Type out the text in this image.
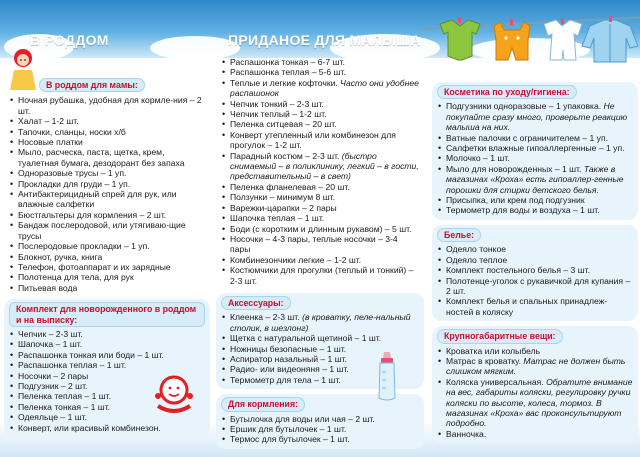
В РОДДОМ	ПРИДАНОЕ ДЛЯ МАЛЫША
В роддом для мамы:
• Ночная рубашка, удобная для кормле-ния – 2 шт.
• Халат – 1-2 шт.
• Тапочки, сланцы, носки х/б
• Носовые платки
• Мыло, расческа, паста, щетка, крем, туалетная бумага, дезодорант без запаха
• Одноразовые трусы – 1 уп.
• Прокладки для груди – 1 уп.
• Антибактерицидный спрей для рук, или влажные салфетки
• Бюстгальтеры для кормления – 2 шт.
• Бандаж послеродовой, или утягиваю-щие трусы
• Послеродовые прокладки – 1 уп.
• Блокнот, ручка, книга
• Телефон, фотоаппарат и их зарядные
• Полотенца для тела, для рук
• Питьевая вода
Комплект для новорожденного в роддом и на выписку:
• Чепчик – 2-3 шт.
• Шапочка – 1 шт.
• Распашонка тонкая или боди – 1 шт.
• Распашонка теплая – 1 шт.
• Носочки – 2 пары
• Подгузник – 2 шт.
• Пеленка теплая – 1 шт.
• Пеленка тонкая – 1 шт.
• Одеяльце – 1 шт.
• Конверт, или красивый комбинезон.
• Распашонка тонкая – 6-7 шт.
• Распашонка теплая – 5-6 шт.
• Теплые и легкие кофточки. Часто они удобнее распашонок
• Чепчик тонкий – 2-3 шт.
• Чепчик теплый – 1-2 шт.
• Пеленка ситцевая – 20 шт.
• Конверт утепленный или комбинезон для прогулок – 1-2 шт.
• Парадный костюм – 2-3 шт. (быстро снимаемый – в поликлинику, легкий – в гости, представительный – в свет)
• Пеленка фланелевая – 20 шт.
• Ползунки – минимум 8 шт.
• Варежки-царапки – 2 пары
• Шапочка теплая – 1 шт.
• Боди (с коротким и длинным рукавом) – 5 шт.
• Носочки – 4-3 пары, теплые носочки – 3-4 пары
• Комбинезончики легкие – 1-2 шт.
• Костюмчики для прогулки (теплый и тонкий) – 2-3 шт.
Аксессуары:
• Клеенка – 2-3 шт. (в кроватку, пеле-нальный столик, в шезлонг)
• Щетка с натуральной щетиной – 1 шт.
• Ножницы безопасные – 1 шт.
• Аспиратор назальный – 1 шт.
• Радио- или видеоняня – 1 шт.
• Термометр для тела – 1 шт.
Для кормления:
• Бутылочка для воды или чая – 2 шт.
• Ершик для бутылочек – 1 шт.
• Термос для бутылочек – 1 шт.
Косметика по уходу/гигиена:
• Подгузники одноразовые – 1 упаковка. Не покупайте сразу много, проверьте реакцию малыша на них.
• Ватные палочки с ограничителем – 1 уп.
• Салфетки влажные гипоаллергенные – 1 уп.
• Молочко – 1 шт.
• Мыло для новорожденных – 1 шт. Также в магазинах «Кроха» есть гипоаллер-генные порошки для стирки детского белья.
• Присыпка, или крем под подгузник
• Термометр для воды и воздуха – 1 шт.
Белье:
• Одеяло тонкое
• Одеяло теплое
• Комплект постельного белья – 3 шт.
• Полотенце-уголок с рукавичкой для купания – 2 шт.
• Комплект белья и спальных принадлеж-ностей в коляску
Крупногабаритные вещи:
• Кроватка или колыбель
• Матрас в кроватку. Матрас не должен быть слишком мягким.
• Коляска универсальная. Обратите внимание на вес, габариты коляски, регулировку ручки коляски по высоте, колеса, тормоз. В магазинах «Кроха» вас проконсультируют подробно.
• Ванночка.
